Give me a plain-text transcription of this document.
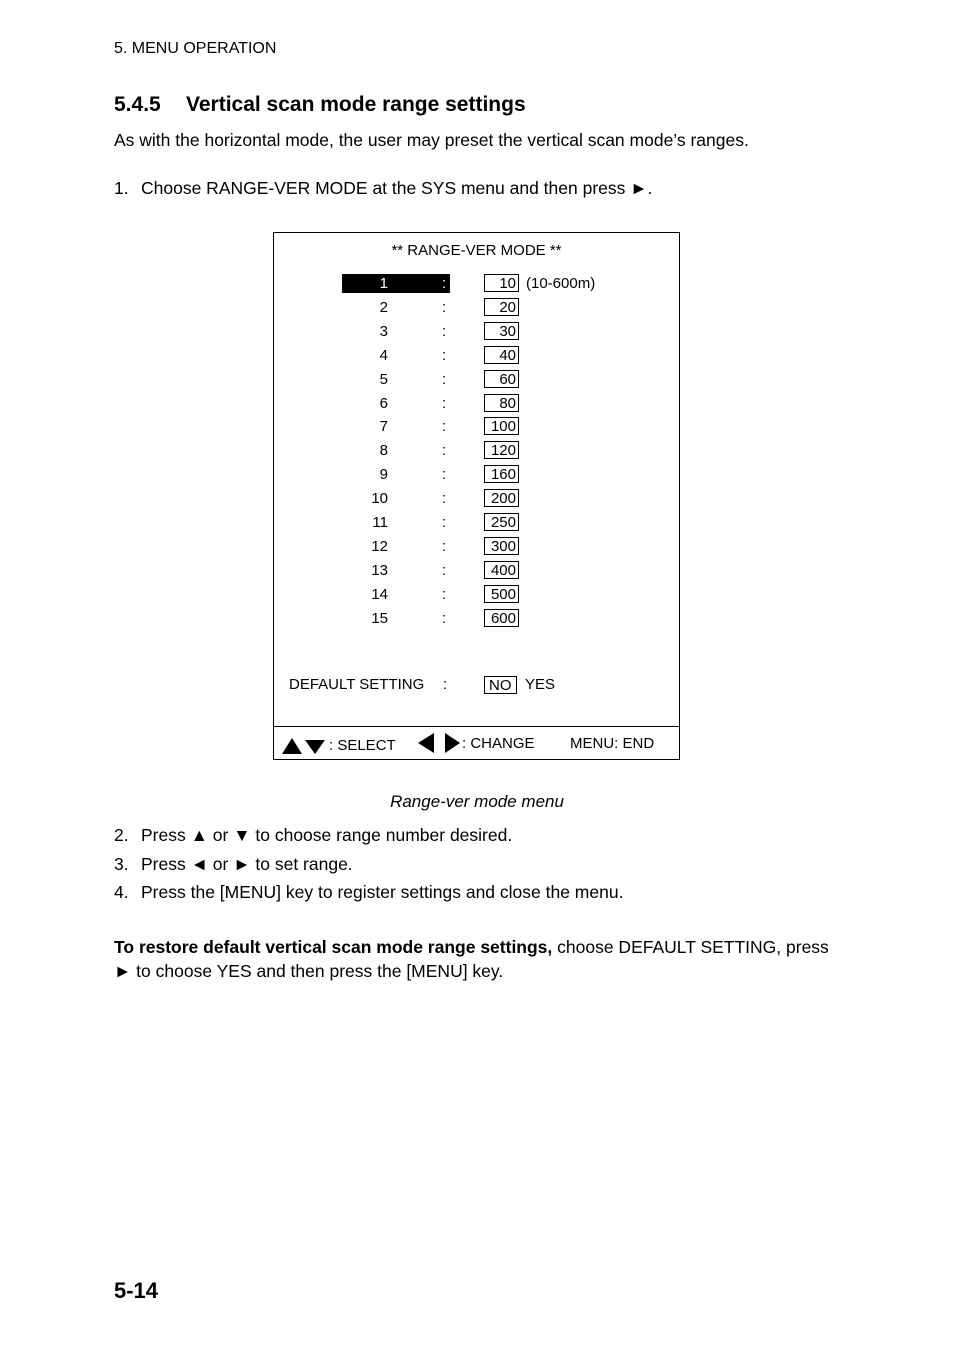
5. MENU OPERATION
5.4.5 Vertical scan mode range settings
As with the horizontal mode, the user may preset the vertical scan mode’s ranges.
1. Choose RANGE-VER MODE at the SYS menu and then press ►.
** RANGE-VER MODE **
1	:	10 (10-600m)
2	:	20
3	:	30
4	:	40
5	:	60
6	:	80
7	:	100
8	:	120
9	:	160
10	:	200
11	:	250
12	:	300
13	:	400
14	:	500
15	:	600
DEFAULT SETTING :	NO YES
: SELECT	: CHANGE MENU: END
Range-ver mode menu
2. Press ▲ or ▼ to choose range number desired.
3. Press ◄ or ► to set range.
4. Press the [MENU] key to register settings and close the menu.
To restore default vertical scan mode range settings, choose DEFAULT SETTING, press ► to choose YES and then press the [MENU] key.
5-14
